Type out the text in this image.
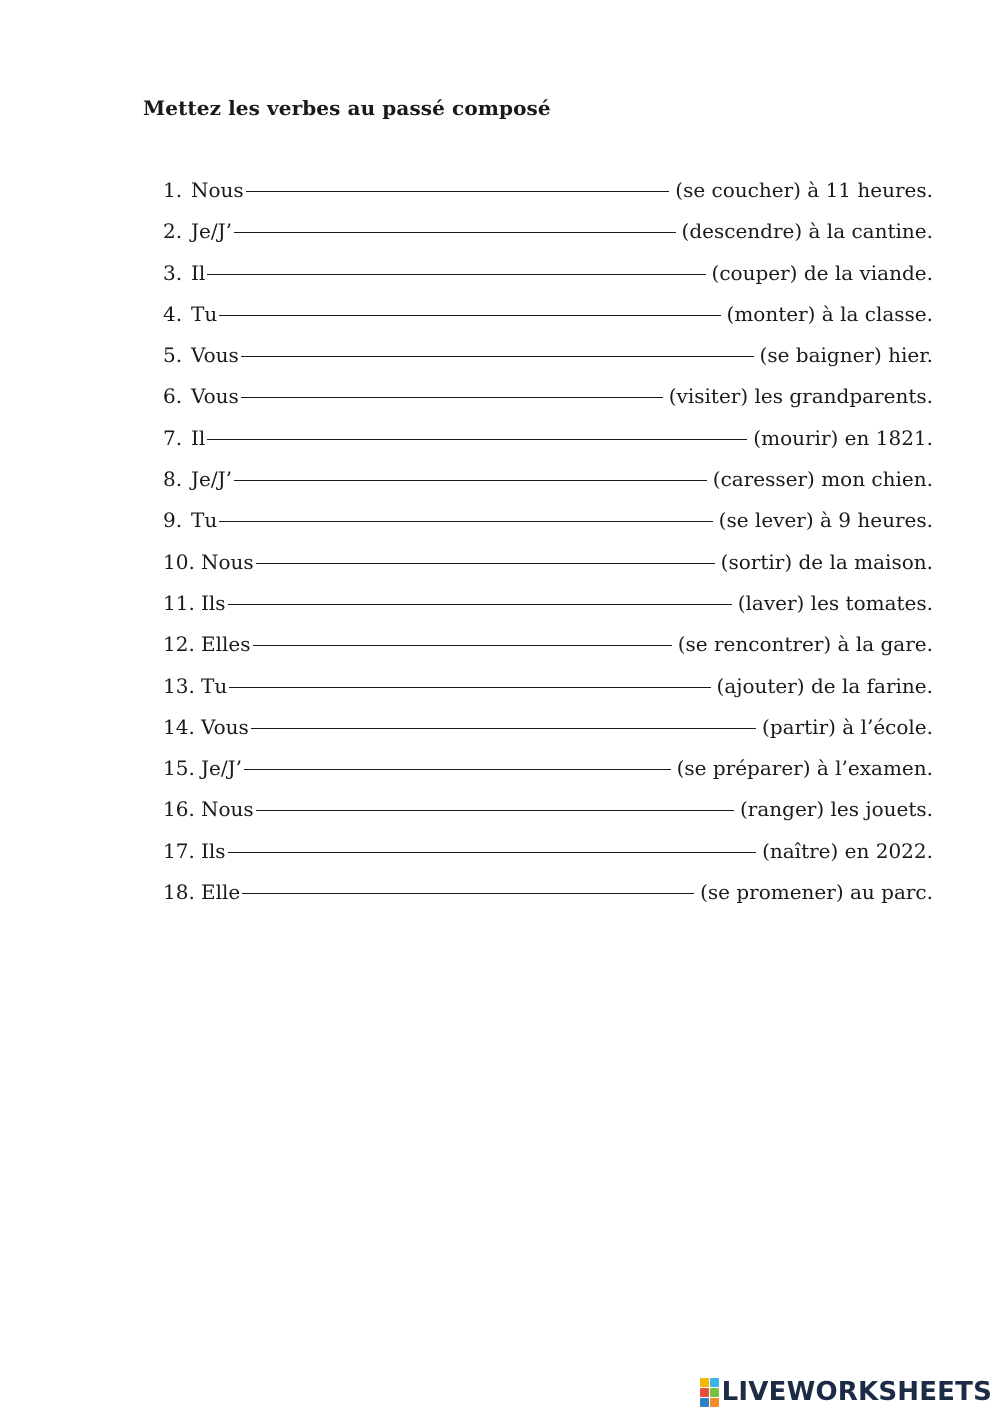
Mettez les verbes au passé composé
1. Nous	(se coucher) à 11 heures.
2. Je/J’	(descendre) à la cantine.
3. Il	(couper) de la viande.
4. Tu	(monter) à la classe.
5. Vous	(se baigner) hier.
6. Vous	(visiter) les grandparents.
7. Il	(mourir) en 1821.
8. Je/J’	(caresser) mon chien.
9. Tu	(se lever) à 9 heures.
10. Nous	(sortir) de la maison.
11. Ils	(laver) les tomates.
12. Elles	(se rencontrer) à la gare.
13. Tu	(ajouter) de la farine.
14. Vous	(partir) à l’école.
15. Je/J’	(se préparer) à l’examen.
16. Nous	(ranger) les jouets.
17. Ils	(naître) en 2022.
18. Elle	(se promener) au parc.
LIVEWORKSHEETS
